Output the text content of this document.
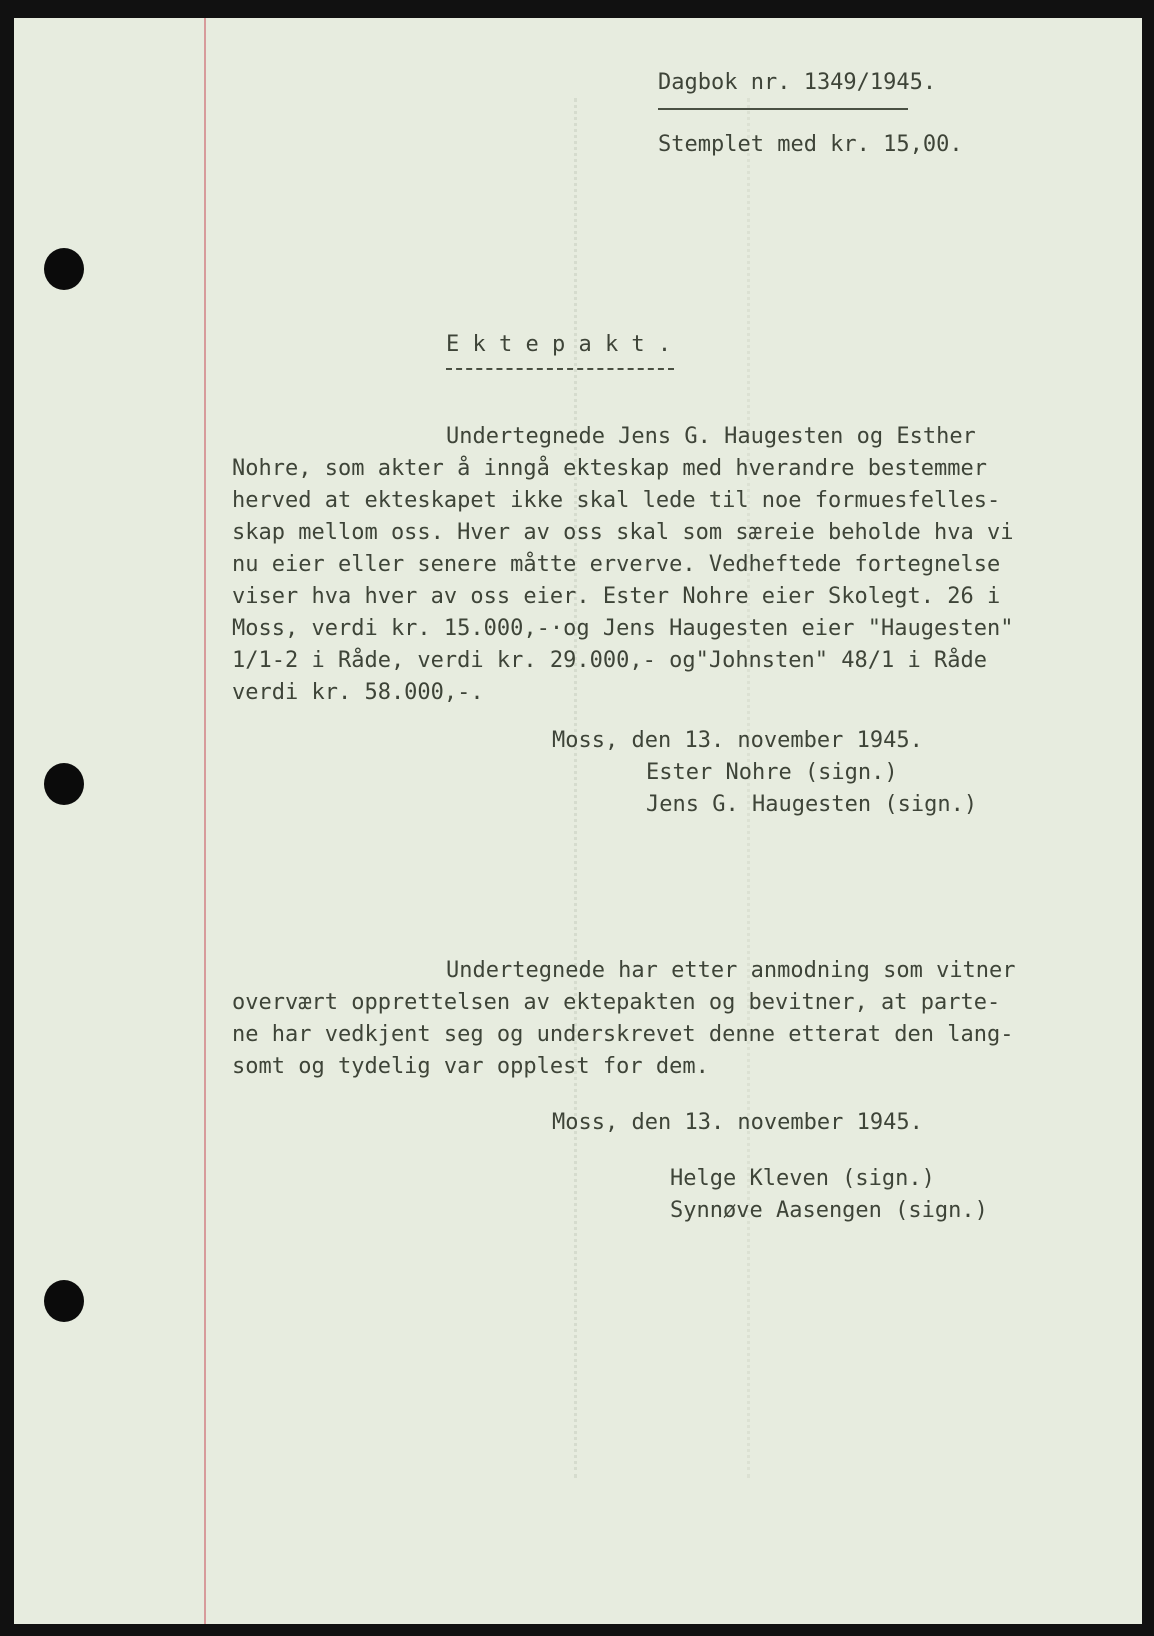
Dagbok nr. 1349/1945.
Stemplet med kr. 15,00.
E k t e p a k t .
Undertegnede Jens G. Haugesten og Esther
Nohre, som akter å inngå ekteskap med hverandre bestemmer
herved at ekteskapet ikke skal lede til noe formuesfelles-
skap mellom oss. Hver av oss skal som særeie beholde hva vi
nu eier eller senere måtte erverve. Vedheftede fortegnelse
viser hva hver av oss eier. Ester Nohre eier Skolegt. 26 i
Moss, verdi kr. 15.000,-·og Jens Haugesten eier "Haugesten"
1/1-2 i Råde, verdi kr. 29.000,- og"Johnsten" 48/1 i Råde
verdi kr. 58.000,-.
Moss, den 13. november 1945.
Ester Nohre (sign.)
Jens G. Haugesten (sign.)
Undertegnede har etter anmodning som vitner
overvært opprettelsen av ektepakten og bevitner, at parte-
ne har vedkjent seg og underskrevet denne etterat den lang-
somt og tydelig var opplest for dem.
Moss, den 13. november 1945.
Helge Kleven (sign.)
Synnøve Aasengen (sign.)
